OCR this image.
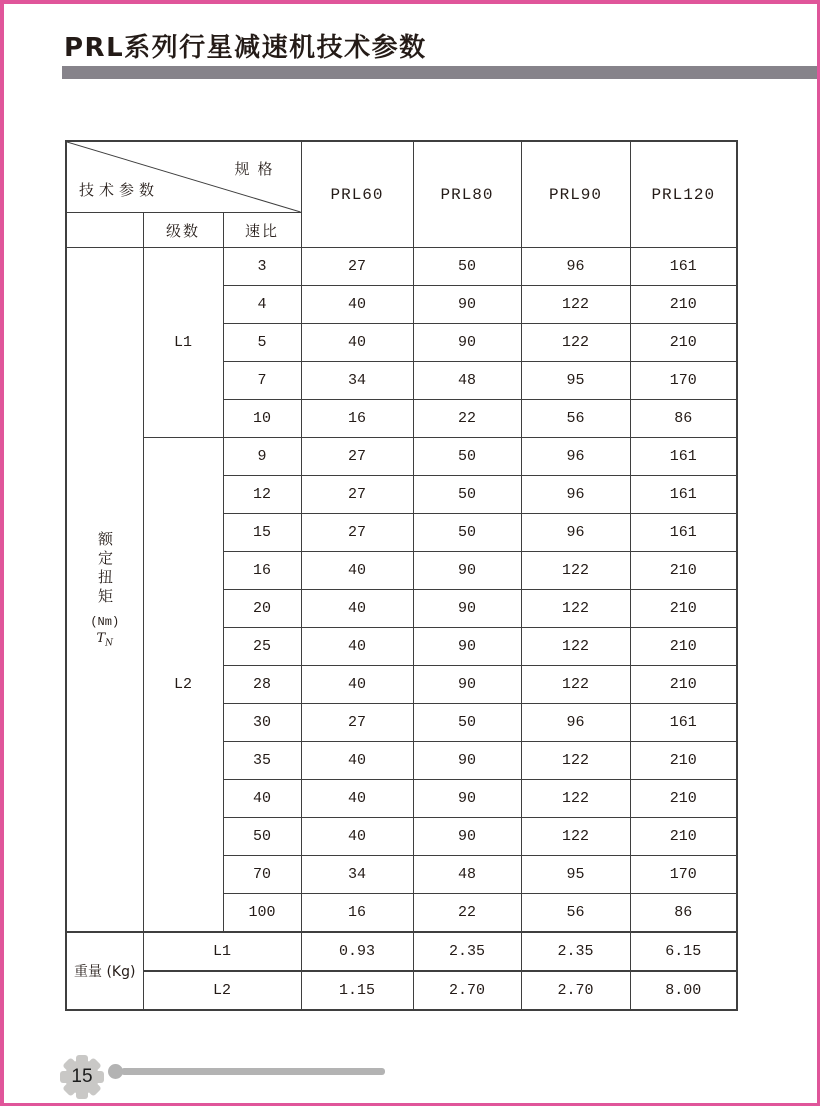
PRL系列行星减速机技术参数
规格
技术参数			PRL60	PRL80	PRL90	PRL120
	级数	速比				

额定扭矩
(Nm)
$T_N$	L1	3	27	50	96	161
		4	40	90	122	210
		5	40	90	122	210
		7	34	48	95	170
		10	16	22	56	86
	L2	9	27	50	96	161
		12	27	50	96	161
		15	27	50	96	161
		16	40	90	122	210
		20	40	90	122	210
		25	40	90	122	210
		28	40	90	122	210
		30	27	50	96	161
		35	40	90	122	210
		40	40	90	122	210
		50	40	90	122	210
		70	34	48	95	170
		100	16	22	56	86
重量 (Kg)	L1		0.93	2.35	2.35	6.15
	L2		1.15	2.70	2.70	8.00
15
